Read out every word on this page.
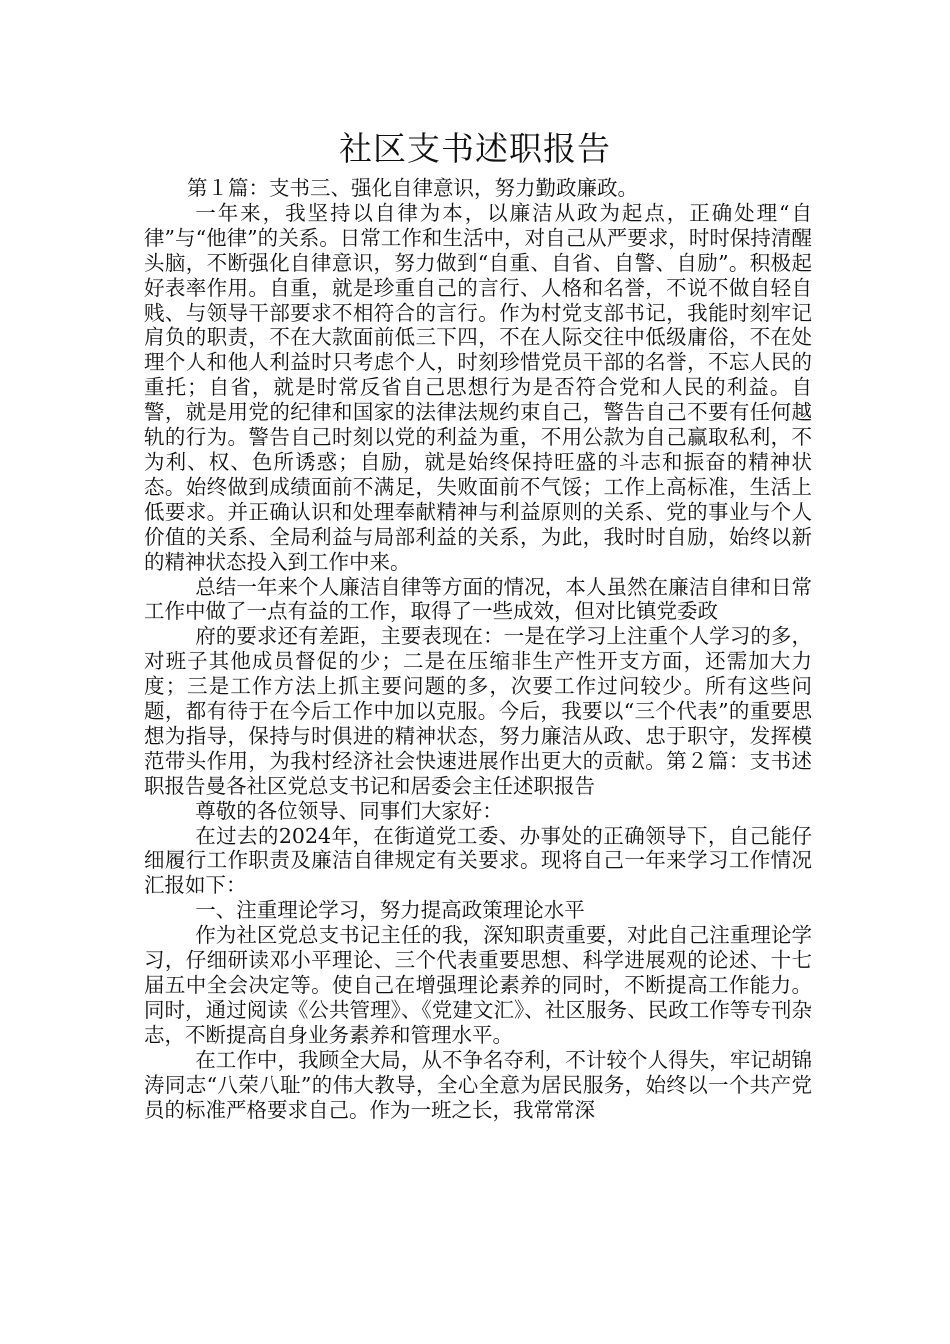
社区支书述职报告

第１篇：支书三、强化自律意识，努力勤政廉政。

一年来，我坚持以自律为本，以廉洁从政为起点，正确处理“自律”与“他律”的关系。日常工作和生活中，对自己从严要求，时时保持清醒头脑，不断强化自律意识，努力做到“自重、自省、自警、自励”。积极起好表率作用。自重，就是珍重自己的言行、人格和名誉，不说不做自轻自贱、与领导干部要求不相符合的言行。作为村党支部书记，我能时刻牢记肩负的职责，不在大款面前低三下四，不在人际交往中低级庸俗，不在处理个人和他人利益时只考虑个人，时刻珍惜党员干部的名誉，不忘人民的重托；自省，就是时常反省自己思想行为是否符合党和人民的利益。自警，就是用党的纪律和国家的法律法规约束自己，警告自己不要有任何越轨的行为。警告自己时刻以党的利益为重，不用公款为自己赢取私利，不为利、权、色所诱惑；自励，就是始终保持旺盛的斗志和振奋的精神状态。始终做到成绩面前不满足，失败面前不气馁；工作上高标准，生活上低要求。并正确认识和处理奉献精神与利益原则的关系、党的事业与个人价值的关系、全局利益与局部利益的关系，为此，我时时自励，始终以新的精神状态投入到工作中来。

总结一年来个人廉洁自律等方面的情况，本人虽然在廉洁自律和日常工作中做了一点有益的工作，取得了一些成效，但对比镇党委政

府的要求还有差距，主要表现在：一是在学习上注重个人学习的多，对班子其他成员督促的少；二是在压缩非生产性开支方面，还需加大力度；三是工作方法上抓主要问题的多，次要工作过问较少。所有这些问题，都有待于在今后工作中加以克服。今后，我要以“三个代表”的重要思想为指导，保持与时俱进的精神状态，努力廉洁从政、忠于职守，发挥模范带头作用，为我村经济社会快速进展作出更大的贡献。第２篇：支书述职报告曼各社区党总支书记和居委会主任述职报告

尊敬的各位领导、同事们大家好：

在过去的2024年，在街道党工委、办事处的正确领导下，自己能仔细履行工作职责及廉洁自律规定有关要求。现将自己一年来学习工作情况汇报如下：

一、注重理论学习，努力提高政策理论水平

作为社区党总支书记主任的我，深知职责重要，对此自己注重理论学习，仔细研读邓小平理论、三个代表重要思想、科学进展观的论述、十七届五中全会决定等。使自己在增强理论素养的同时，不断提高工作能力。同时，通过阅读《公共管理》、《党建文汇》、社区服务、民政工作等专刊杂志，不断提高自身业务素养和管理水平。

在工作中，我顾全大局，从不争名夺利，不计较个人得失，牢记胡锦涛同志“八荣八耻”的伟大教导，全心全意为居民服务，始终以一个共产党员的标准严格要求自己。作为一班之长，我常常深
